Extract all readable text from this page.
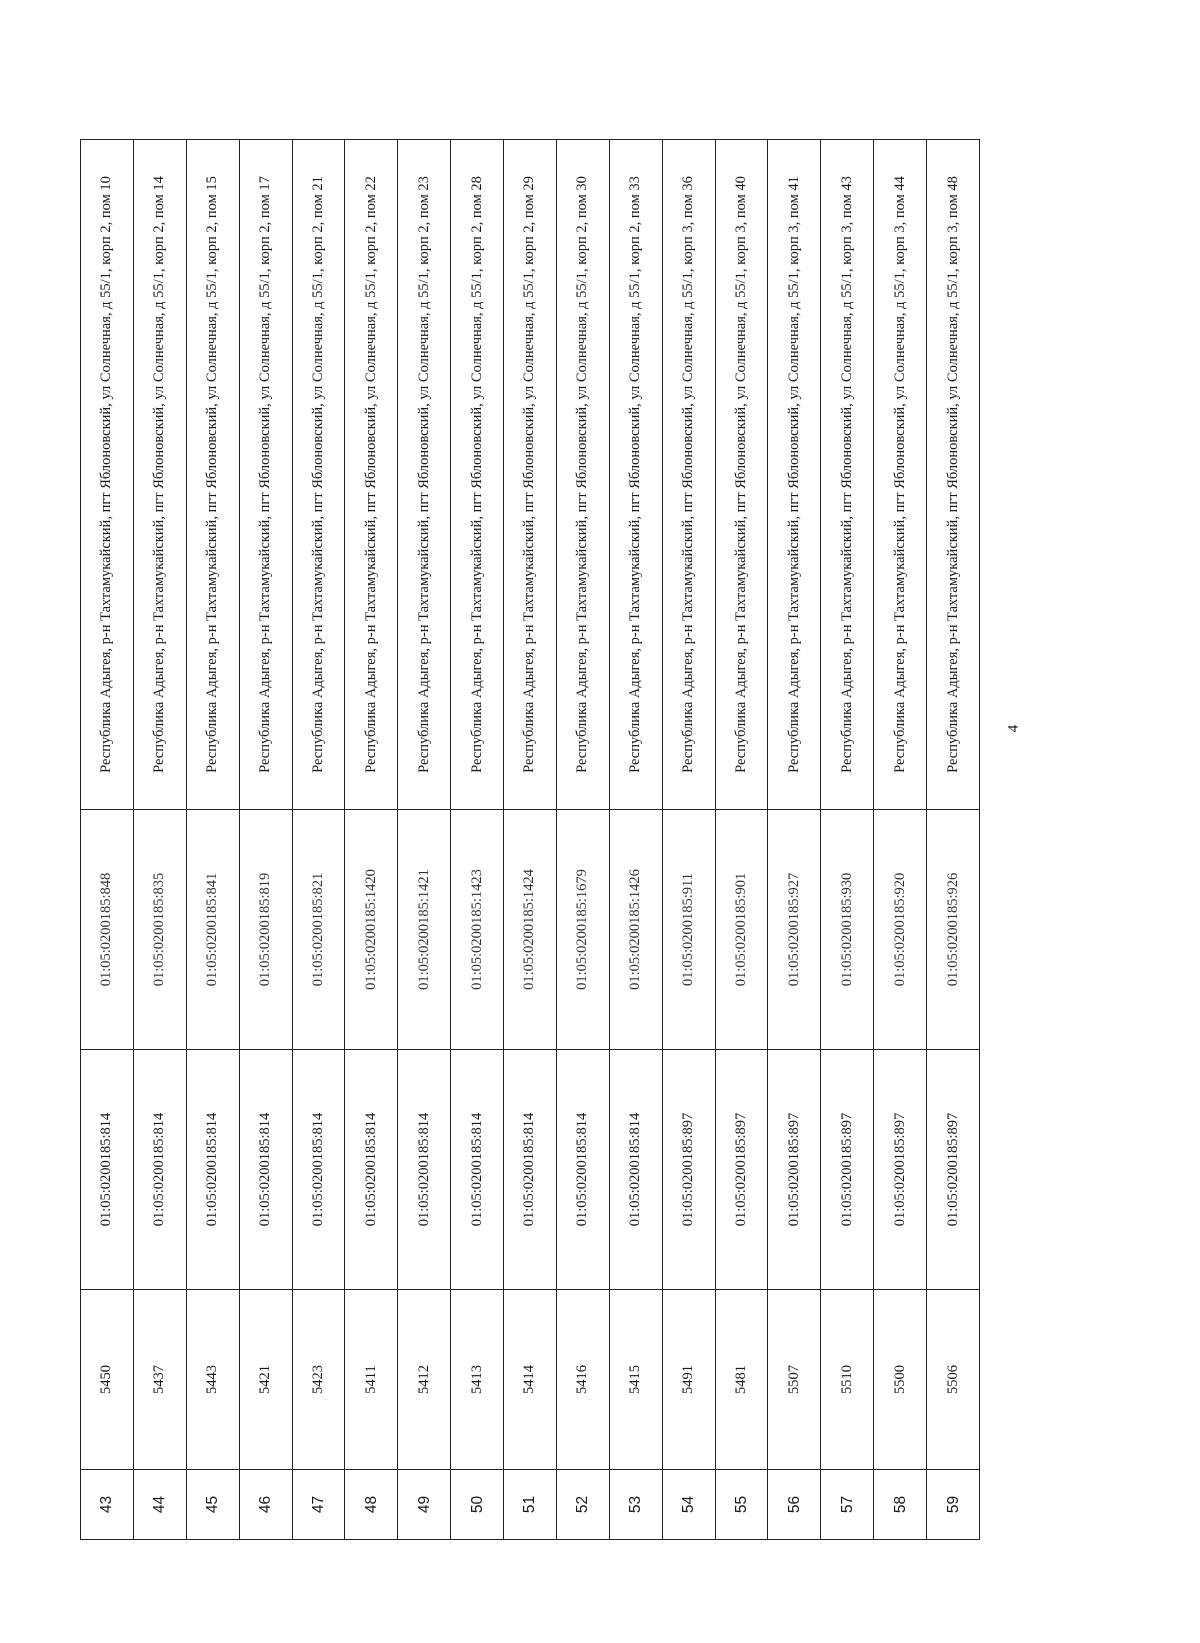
43	5450	01:05:0200185:814	01:05:0200185:848	Республика Адыгея, р-н Тахтамукайский, пгт Яблоновский, ул Солнечная, д 55/1, корп 2, пом 10
44	5437	01:05:0200185:814	01:05:0200185:835	Республика Адыгея, р-н Тахтамукайский, пгт Яблоновский, ул Солнечная, д 55/1, корп 2, пом 14
45	5443	01:05:0200185:814	01:05:0200185:841	Республика Адыгея, р-н Тахтамукайский, пгт Яблоновский, ул Солнечная, д 55/1, корп 2, пом 15
46	5421	01:05:0200185:814	01:05:0200185:819	Республика Адыгея, р-н Тахтамукайский, пгт Яблоновский, ул Солнечная, д 55/1, корп 2, пом 17
47	5423	01:05:0200185:814	01:05:0200185:821	Республика Адыгея, р-н Тахтамукайский, пгт Яблоновский, ул Солнечная, д 55/1, корп 2, пом 21
48	5411	01:05:0200185:814	01:05:0200185:1420	Республика Адыгея, р-н Тахтамукайский, пгт Яблоновский, ул Солнечная, д 55/1, корп 2, пом 22
49	5412	01:05:0200185:814	01:05:0200185:1421	Республика Адыгея, р-н Тахтамукайский, пгт Яблоновский, ул Солнечная, д 55/1, корп 2, пом 23
50	5413	01:05:0200185:814	01:05:0200185:1423	Республика Адыгея, р-н Тахтамукайский, пгт Яблоновский, ул Солнечная, д 55/1, корп 2, пом 28
51	5414	01:05:0200185:814	01:05:0200185:1424	Республика Адыгея, р-н Тахтамукайский, пгт Яблоновский, ул Солнечная, д 55/1, корп 2, пом 29
52	5416	01:05:0200185:814	01:05:0200185:1679	Республика Адыгея, р-н Тахтамукайский, пгт Яблоновский, ул Солнечная, д 55/1, корп 2, пом 30
53	5415	01:05:0200185:814	01:05:0200185:1426	Республика Адыгея, р-н Тахтамукайский, пгт Яблоновский, ул Солнечная, д 55/1, корп 2, пом 33
54	5491	01:05:0200185:897	01:05:0200185:911	Республика Адыгея, р-н Тахтамукайский, пгт Яблоновский, ул Солнечная, д 55/1, корп 3, пом 36
55	5481	01:05:0200185:897	01:05:0200185:901	Республика Адыгея, р-н Тахтамукайский, пгт Яблоновский, ул Солнечная, д 55/1, корп 3, пом 40
56	5507	01:05:0200185:897	01:05:0200185:927	Республика Адыгея, р-н Тахтамукайский, пгт Яблоновский, ул Солнечная, д 55/1, корп 3, пом 41
57	5510	01:05:0200185:897	01:05:0200185:930	Республика Адыгея, р-н Тахтамукайский, пгт Яблоновский, ул Солнечная, д 55/1, корп 3, пом 43
58	5500	01:05:0200185:897	01:05:0200185:920	Республика Адыгея, р-н Тахтамукайский, пгт Яблоновский, ул Солнечная, д 55/1, корп 3, пом 44
59	5506	01:05:0200185:897	01:05:0200185:926	Республика Адыгея, р-н Тахтамукайский, пгт Яблоновский, ул Солнечная, д 55/1, корп 3, пом 48	4
